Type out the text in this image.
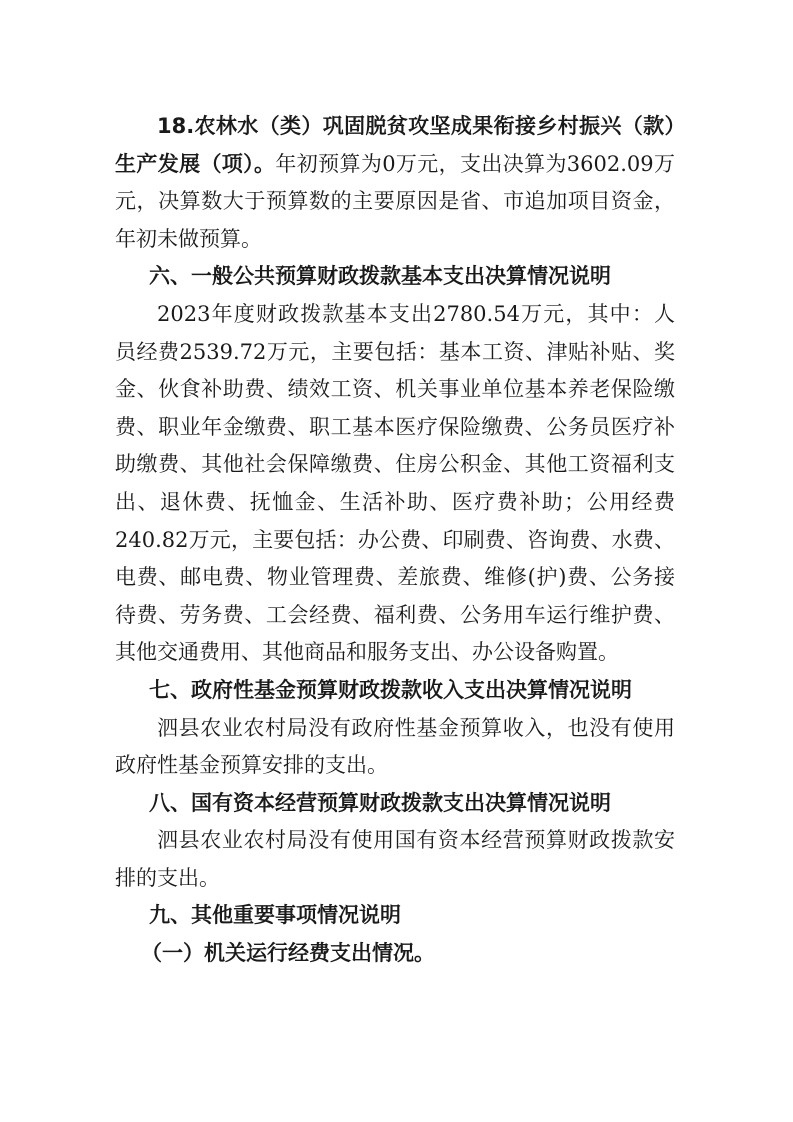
18.农林水（类）巩固脱贫攻坚成果衔接乡村振兴（款）生产发展（项）。年初预算为0万元，支出决算为3602.09万元，决算数大于预算数的主要原因是省、市追加项目资金，年初未做预算。

六、一般公共预算财政拨款基本支出决算情况说明

2023年度财政拨款基本支出2780.54万元，其中：人员经费2539.72万元，主要包括：基本工资、津贴补贴、奖金、伙食补助费、绩效工资、机关事业单位基本养老保险缴费、职业年金缴费、职工基本医疗保险缴费、公务员医疗补助缴费、其他社会保障缴费、住房公积金、其他工资福利支出、退休费、抚恤金、生活补助、医疗费补助；公用经费240.82万元，主要包括：办公费、印刷费、咨询费、水费、电费、邮电费、物业管理费、差旅费、维修(护)费、公务接待费、劳务费、工会经费、福利费、公务用车运行维护费、其他交通费用、其他商品和服务支出、办公设备购置。

七、政府性基金预算财政拨款收入支出决算情况说明

泗县农业农村局没有政府性基金预算收入，也没有使用政府性基金预算安排的支出。

八、国有资本经营预算财政拨款支出决算情况说明

泗县农业农村局没有使用国有资本经营预算财政拨款安排的支出。

九、其他重要事项情况说明

（一）机关运行经费支出情况。
